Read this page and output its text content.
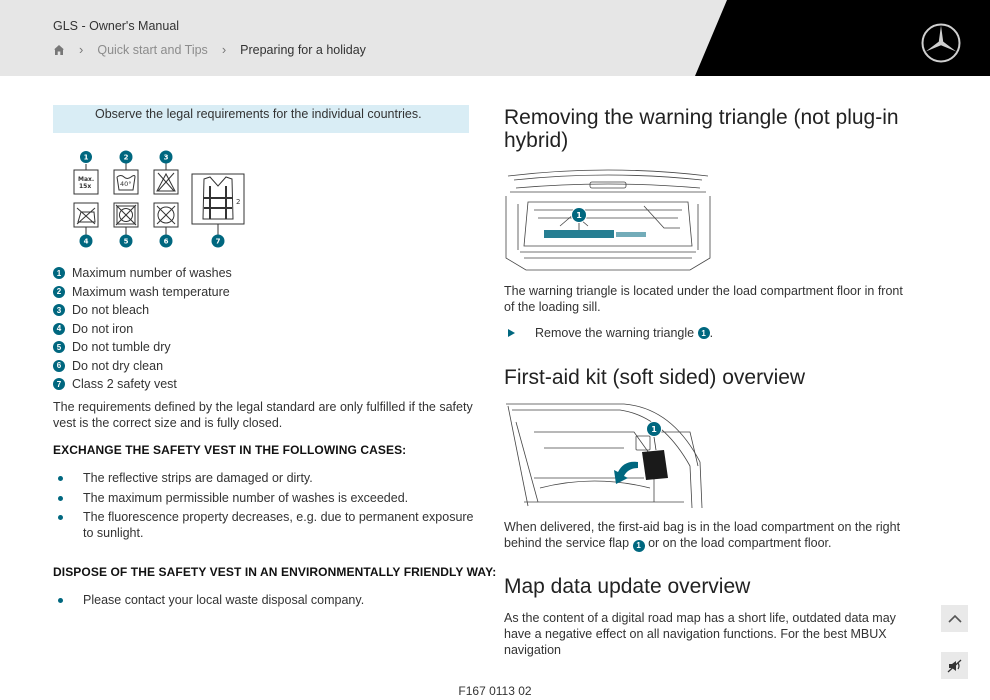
GLS - Owner's Manual
› Quick start and Tips › Preparing for a holiday
Observe the legal requirements for the individual countries.
Max.
15x	40°
2
1	2	3
4	5	6	7
1 Maximum number of washes
2 Maximum wash temperature
3 Do not bleach
4 Do not iron
5 Do not tumble dry
6 Do not dry clean
7 Class 2 safety vest
The requirements defined by the legal standard are only fulfilled if the safety vest is the correct size and is fully closed.
EXCHANGE THE SAFETY VEST IN THE FOLLOWING CASES:
The reflective strips are damaged or dirty.
The maximum permissible number of washes is exceeded.
The fluorescence property decreases, e.g. due to permanent exposure to sunlight.
DISPOSE OF THE SAFETY VEST IN AN ENVIRONMENTALLY FRIENDLY WAY:
Please contact your local waste disposal company.
Removing the warning triangle (not plug-in hybrid)
1
The warning triangle is located under the load compartment floor in front of the loading sill.
Remove the warning triangle
1 .
First-aid kit (soft sided) overview
1
When delivered, the first-aid bag is in the load compartment on the right behind the service flap 1 or on the load compartment floor.
Map data update overview
As the content of a digital road map has a short life, outdated data may have a negative effect on all navigation functions. For the best MBUX navigation
F167 0113 02
